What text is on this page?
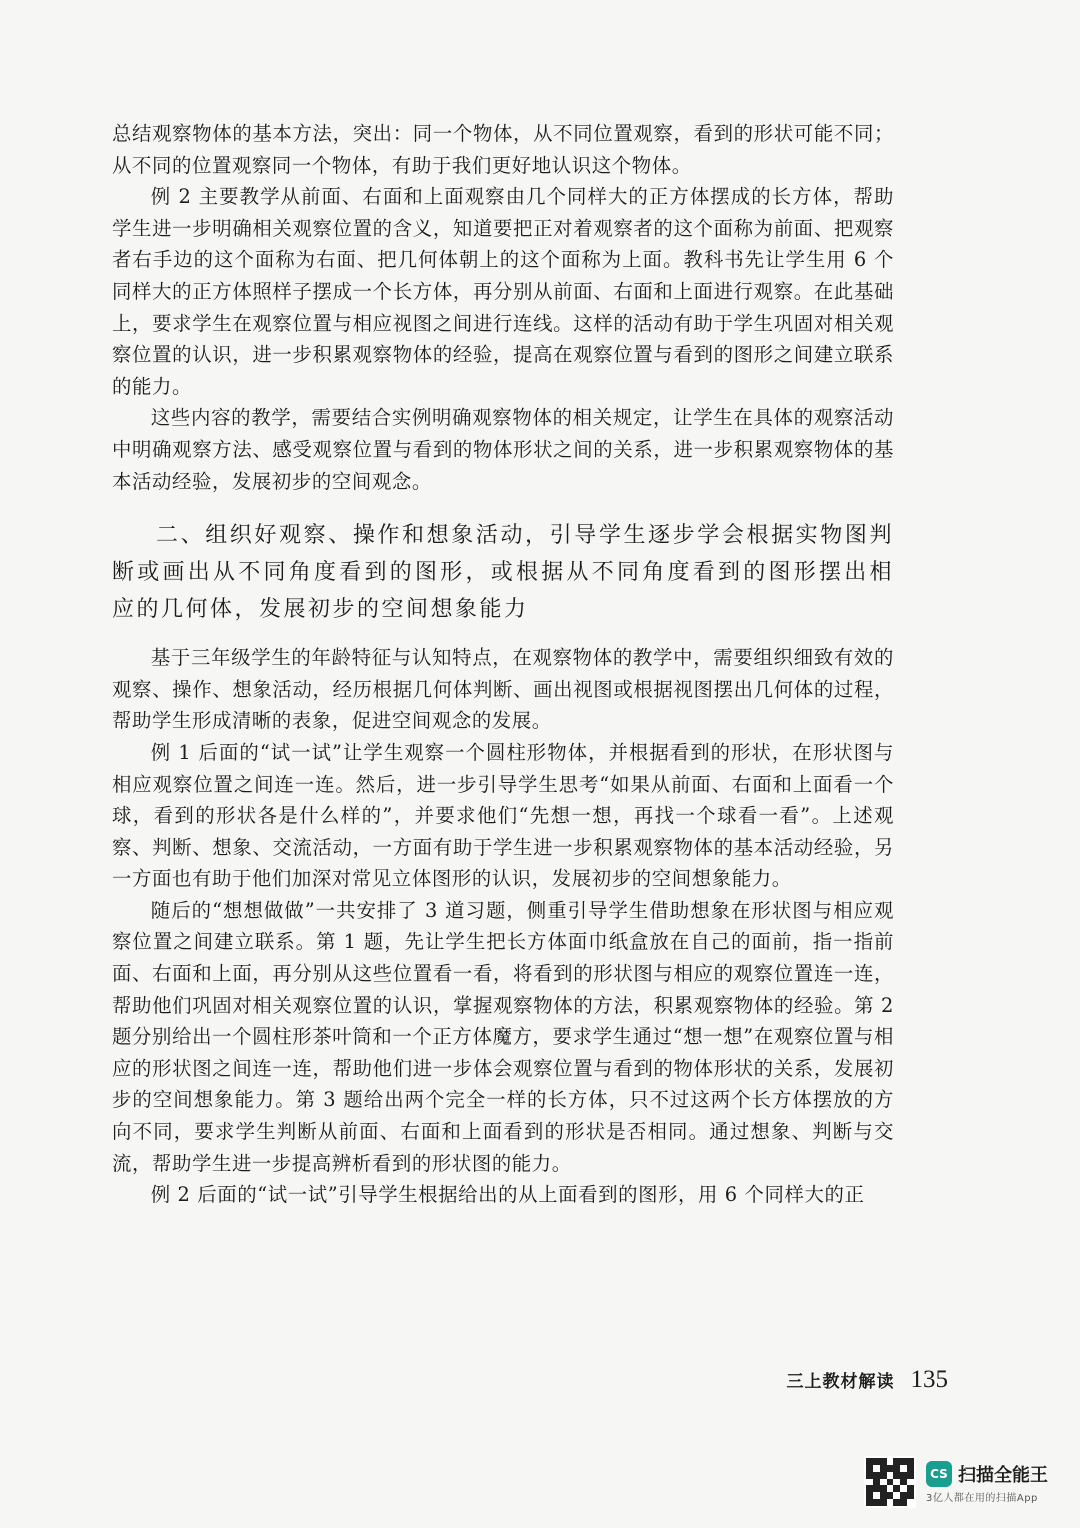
总结观察物体的基本方法，突出：同一个物体，从不同位置观察，看到的形状可能不同；从不同的位置观察同一个物体，有助于我们更好地认识这个物体。

例 2 主要教学从前面、右面和上面观察由几个同样大的正方体摆成的长方体，帮助学生进一步明确相关观察位置的含义，知道要把正对着观察者的这个面称为前面、把观察者右手边的这个面称为右面、把几何体朝上的这个面称为上面。教科书先让学生用 6 个同样大的正方体照样子摆成一个长方体，再分别从前面、右面和上面进行观察。在此基础上，要求学生在观察位置与相应视图之间进行连线。这样的活动有助于学生巩固对相关观察位置的认识，进一步积累观察物体的经验，提高在观察位置与看到的图形之间建立联系的能力。

这些内容的教学，需要结合实例明确观察物体的相关规定，让学生在具体的观察活动中明确观察方法、感受观察位置与看到的物体形状之间的关系，进一步积累观察物体的基本活动经验，发展初步的空间观念。

二、组织好观察、操作和想象活动，引导学生逐步学会根据实物图判断或画出从不同角度看到的图形，或根据从不同角度看到的图形摆出相应的几何体，发展初步的空间想象能力

基于三年级学生的年龄特征与认知特点，在观察物体的教学中，需要组织细致有效的观察、操作、想象活动，经历根据几何体判断、画出视图或根据视图摆出几何体的过程，帮助学生形成清晰的表象，促进空间观念的发展。

例 1 后面的“试一试”让学生观察一个圆柱形物体，并根据看到的形状，在形状图与相应观察位置之间连一连。然后，进一步引导学生思考“如果从前面、右面和上面看一个球，看到的形状各是什么样的”，并要求他们“先想一想，再找一个球看一看”。上述观察、判断、想象、交流活动，一方面有助于学生进一步积累观察物体的基本活动经验，另一方面也有助于他们加深对常见立体图形的认识，发展初步的空间想象能力。

随后的“想想做做”一共安排了 3 道习题，侧重引导学生借助想象在形状图与相应观察位置之间建立联系。第 1 题，先让学生把长方体面巾纸盒放在自己的面前，指一指前面、右面和上面，再分别从这些位置看一看，将看到的形状图与相应的观察位置连一连，帮助他们巩固对相关观察位置的认识，掌握观察物体的方法，积累观察物体的经验。第 2 题分别给出一个圆柱形茶叶筒和一个正方体魔方，要求学生通过“想一想”在观察位置与相应的形状图之间连一连，帮助他们进一步体会观察位置与看到的物体形状的关系，发展初步的空间想象能力。第 3 题给出两个完全一样的长方体，只不过这两个长方体摆放的方向不同，要求学生判断从前面、右面和上面看到的形状是否相同。通过想象、判断与交流，帮助学生进一步提高辨析看到的形状图的能力。

例 2 后面的“试一试”引导学生根据给出的从上面看到的图形，用 6 个同样大的正

三上教材解读 135
CS 扫描全能王
3亿人都在用的扫描App
